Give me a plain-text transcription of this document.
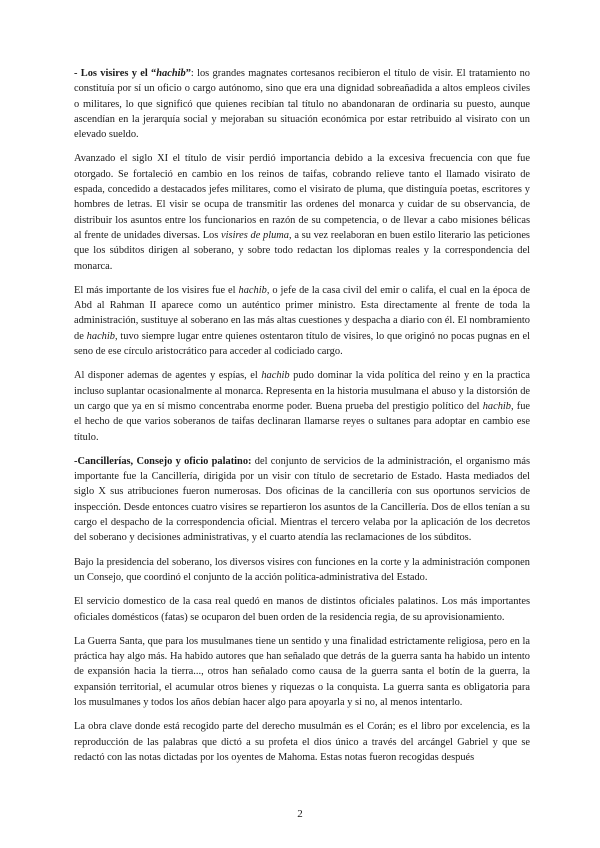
- Los visires y el “hachib”: los grandes magnates cortesanos recibieron el título de visir. El tratamiento no constituía por sí un oficio o cargo autónomo, sino que era una dignidad sobreañadida a altos empleos civiles o militares, lo que significó que quienes recibían tal título no abandonaran de ordinaria su puesto, aunque ascendían en la jerarquía social y mejoraban su situación económica por estar retribuido al visirato con un elevado sueldo.

Avanzado el siglo XI el título de visir perdió importancia debido a la excesiva frecuencia con que fue otorgado. Se fortaleció en cambio en los reinos de taifas, cobrando relieve tanto el llamado visirato de espada, concedido a destacados jefes militares, como el visirato de pluma, que distinguía poetas, escritores y hombres de letras. El visir se ocupa de transmitir las ordenes del monarca y cuidar de su observancia, de distribuir los asuntos entre los funcionarios en razón de su competencia, o de llevar a cabo misiones bélicas al frente de unidades diversas. Los visires de pluma, a su vez reelaboran en buen estilo literario las peticiones que los súbditos dirigen al soberano, y sobre todo redactan los diplomas reales y la correspondencia del monarca.

El más importante de los visires fue el hachib, o jefe de la casa civil del emir o califa, el cual en la época de Abd al Rahman II aparece como un auténtico primer ministro. Esta directamente al frente de toda la administración, sustituye al soberano en las más altas cuestiones y despacha a diario con él. El nombramiento de hachib, tuvo siempre lugar entre quienes ostentaron título de visires, lo que originó no pocas pugnas en el seno de ese círculo aristocrático para acceder al codiciado cargo.

Al disponer ademas de agentes y espías, el hachib pudo dominar la vida política del reino y en la practica incluso suplantar ocasionalmente al monarca. Representa en la historia musulmana el abuso y la distorsión de un cargo que ya en sí mismo concentraba enorme poder. Buena prueba del prestigio político del hachib, fue el hecho de que varios soberanos de taifas declinaran llamarse reyes o sultanes para adoptar en cambio ese título.

-Cancillerías, Consejo y oficio palatino: del conjunto de servicios de la administración, el organismo más importante fue la Cancillería, dirigida por un visir con título de secretario de Estado. Hasta mediados del siglo X sus atribuciones fueron numerosas. Dos oficinas de la cancillería con sus oportunos servicios de inspección. Desde entonces cuatro visires se repartieron los asuntos de la Cancillería. Dos de ellos tenían a su cargo el despacho de la correspondencia oficial. Mientras el tercero velaba por la aplicación de los decretos del soberano y decisiones administrativas, y el cuarto atendía las reclamaciones de los súbditos.

Bajo la presidencia del soberano, los diversos visires con funciones en la corte y la administración componen un Consejo, que coordinó el conjunto de la acción política-administrativa del Estado.

El servicio domestico de la casa real quedó en manos de distintos oficiales palatinos. Los más importantes oficiales domésticos (fatas) se ocuparon del buen orden de la residencia regia, de su aprovisionamiento.

La Guerra Santa, que para los musulmanes tiene un sentido y una finalidad estrictamente religiosa, pero en la práctica hay algo más. Ha habido autores que han señalado que detrás de la guerra santa ha habido un intento de expansión hacia la tierra..., otros han señalado como causa de la guerra santa el botín de la guerra, la expansión territorial, el acumular otros bienes y riquezas o la conquista. La guerra santa es obligatoria para los musulmanes y todos los años debían hacer algo para apoyarla y si no, al menos intentarlo.

La obra clave donde está recogido parte del derecho musulmán es el Corán; es el libro por excelencia, es la reproducción de las palabras que dictó a su profeta el dios único a través del arcángel Gabriel y que se redactó con las notas dictadas por los oyentes de Mahoma. Estas notas fueron recogidas después

2
